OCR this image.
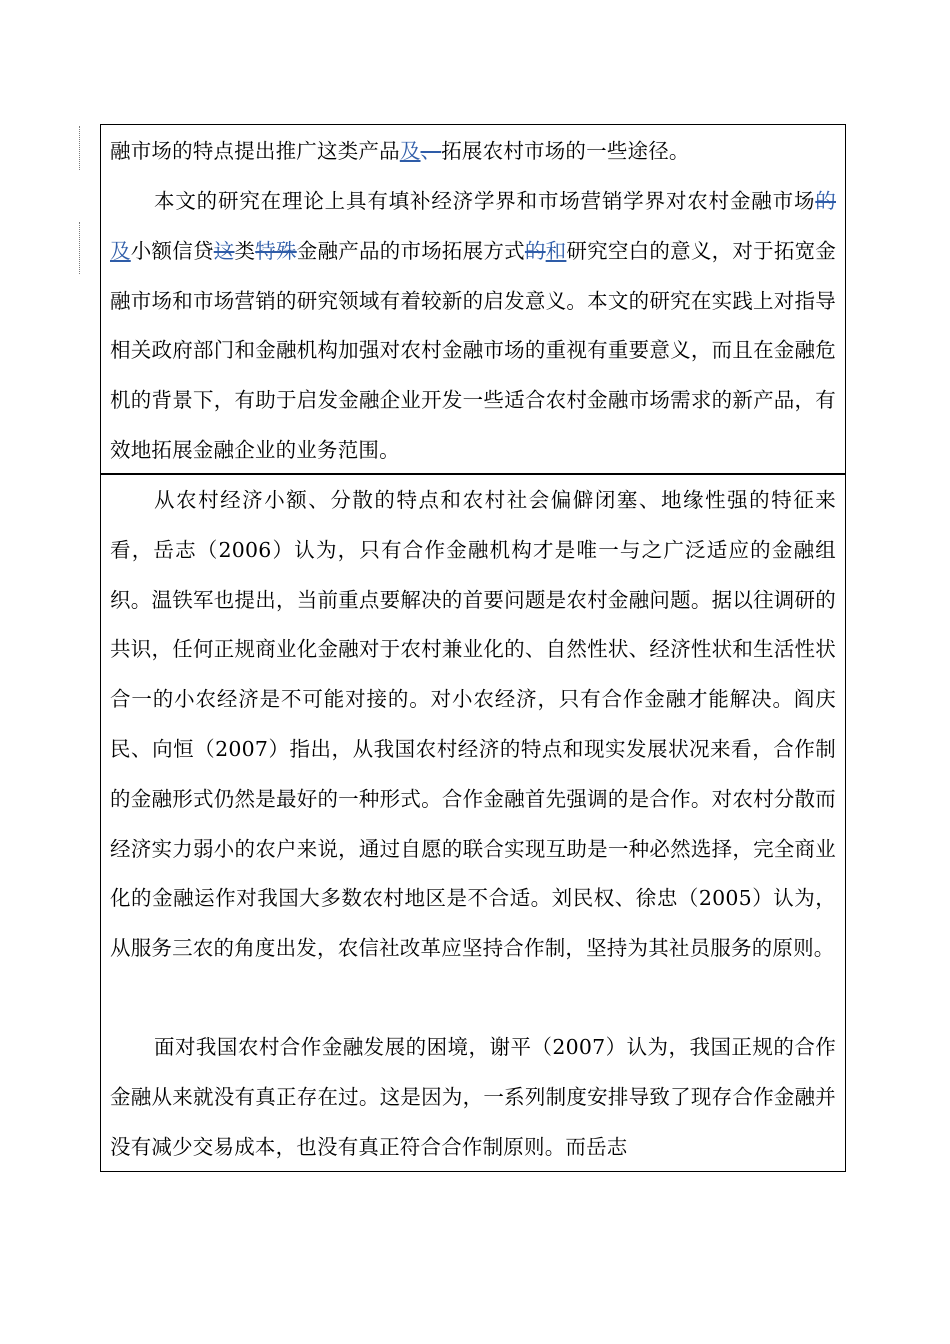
融市场的特点提出推广这类产品及、拓展农村市场的一些途径。

本文的研究在理论上具有填补经济学界和市场营销学界对农村金融市场的及小额信贷这类特殊金融产品的市场拓展方式的和研究空白的意义，对于拓宽金融市场和市场营销的研究领域有着较新的启发意义。本文的研究在实践上对指导相关政府部门和金融机构加强对农村金融市场的重视有重要意义，而且在金融危机的背景下，有助于启发金融企业开发一些适合农村金融市场需求的新产品，有效地拓展金融企业的业务范围。

从农村经济小额、分散的特点和农村社会偏僻闭塞、地缘性强的特征来看，岳志（2006）认为，只有合作金融机构才是唯一与之广泛适应的金融组织。温铁军也提出，当前重点要解决的首要问题是农村金融问题。据以往调研的共识，任何正规商业化金融对于农村兼业化的、自然性状、经济性状和生活性状合一的小农经济是不可能对接的。对小农经济，只有合作金融才能解决。阎庆民、向恒（2007）指出，从我国农村经济的特点和现实发展状况来看，合作制的金融形式仍然是最好的一种形式。合作金融首先强调的是合作。对农村分散而经济实力弱小的农户来说，通过自愿的联合实现互助是一种必然选择，完全商业化的金融运作对我国大多数农村地区是不合适。刘民权、徐忠（2005）认为，从服务三农的角度出发，农信社改革应坚持合作制，坚持为其社员服务的原则。

面对我国农村合作金融发展的困境，谢平（2007）认为，我国正规的合作金融从来就没有真正存在过。这是因为，一系列制度安排导致了现存合作金融并没有减少交易成本，也没有真正符合合作制原则。而岳志
